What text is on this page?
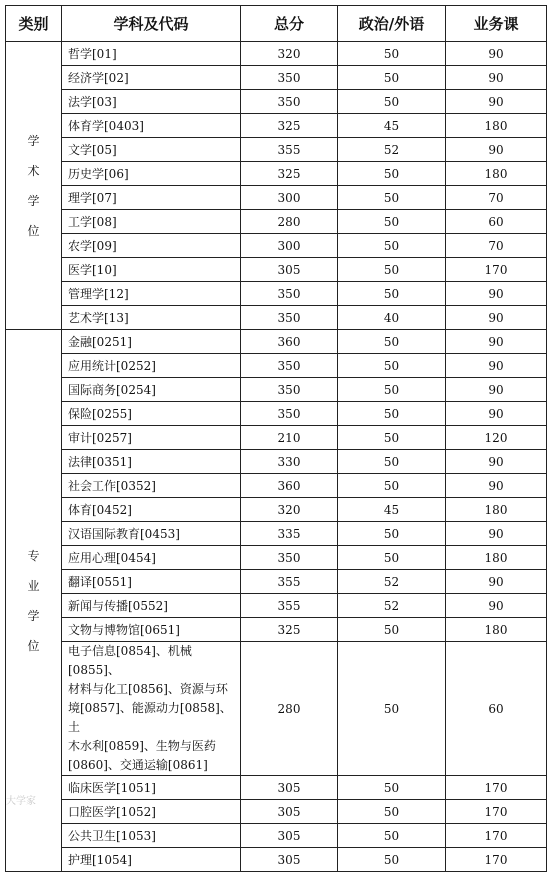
类别	学科及代码	总分	政治/外语	业务课

学
术
学
位	哲学[01]	320	50	90
	经济学[02]	350	50	90
	法学[03]	350	50	90
	体育学[0403]	325	45	180
	文学[05]	355	52	90
	历史学[06]	325	50	180
	理学[07]	300	50	70
	工学[08]	280	50	60
	农学[09]	300	50	70
	医学[10]	305	50	170
	管理学[12]	350	50	90
	艺术学[13]	350	40	90

专
业
学
位	金融[0251]	360	50	90
	应用统计[0252]	350	50	90
	国际商务[0254]	350	50	90
	保险[0255]	350	50	90
	审计[0257]	210	50	120
	法律[0351]	330	50	90
	社会工作[0352]	360	50	90
	体育[0452]	320	45	180
	汉语国际教育[0453]	335	50	90
	应用心理[0454]	350	50	180
	翻译[0551]	355	52	90
	新闻与传播[0552]	355	52	90
	文物与博物馆[0651]	325	50	180

	电子信息[0854]、机械[0855]、
材料与化工[0856]、资源与环
境[0857]、能源动力[0858]、土
木水利[0859]、生物与医药
[0860]、交通运输[0861]	280	50	60
	临床医学[1051]	305	50	170
	口腔医学[1052]	305	50	170
	公共卫生[1053]	305	50	170
	护理[1054]	305	50	170
大学家
